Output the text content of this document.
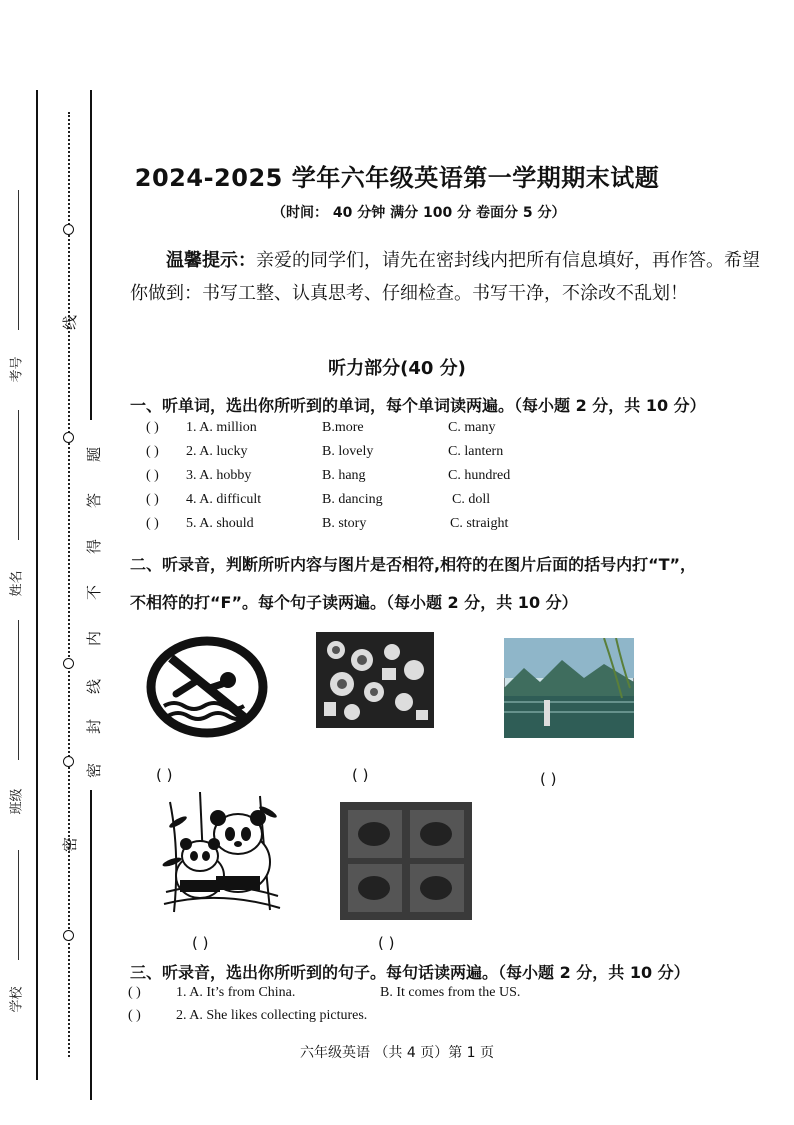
考号
姓名
班级
学校
线
密
密
封
线
内
不
得
答
题
2024-2025 学年六年级英语第一学期期末试题
（时间： 40 分钟 满分 100 分 卷面分 5 分）
温馨提示：亲爱的同学们，请先在密封线内把所有信息填好，再作答。希望你做到：书写工整、认真思考、仔细检查。书写干净，不涂改不乱划！
听力部分(40 分)
一、听单词，选出你所听到的单词，每个单词读两遍。（每小题 2 分，共 10 分）
( ) 1. A. million	B.more	C. many
( ) 2. A. lucky	B. lovely	C. lantern
( ) 3. A. hobby	B. hang	C. hundred
( ) 4. A. difficult	B. dancing	C. doll
( ) 5. A. should	B. story	C. straight
二、听录音，判断所听内容与图片是否相符,相符的在图片后面的括号内打“T”，
不相符的打“F”。每个句子读两遍。（每小题 2 分，共 10 分）
( )	( )	( )
( )	( )
三、听录音，选出你所听到的句子。每句话读两遍。（每小题 2 分，共 10 分）
( )	1. A. It’s from China.	B. It comes from the US.
( )	2. A. She likes collecting pictures.
六年级英语 （共 4 页）第 1 页
